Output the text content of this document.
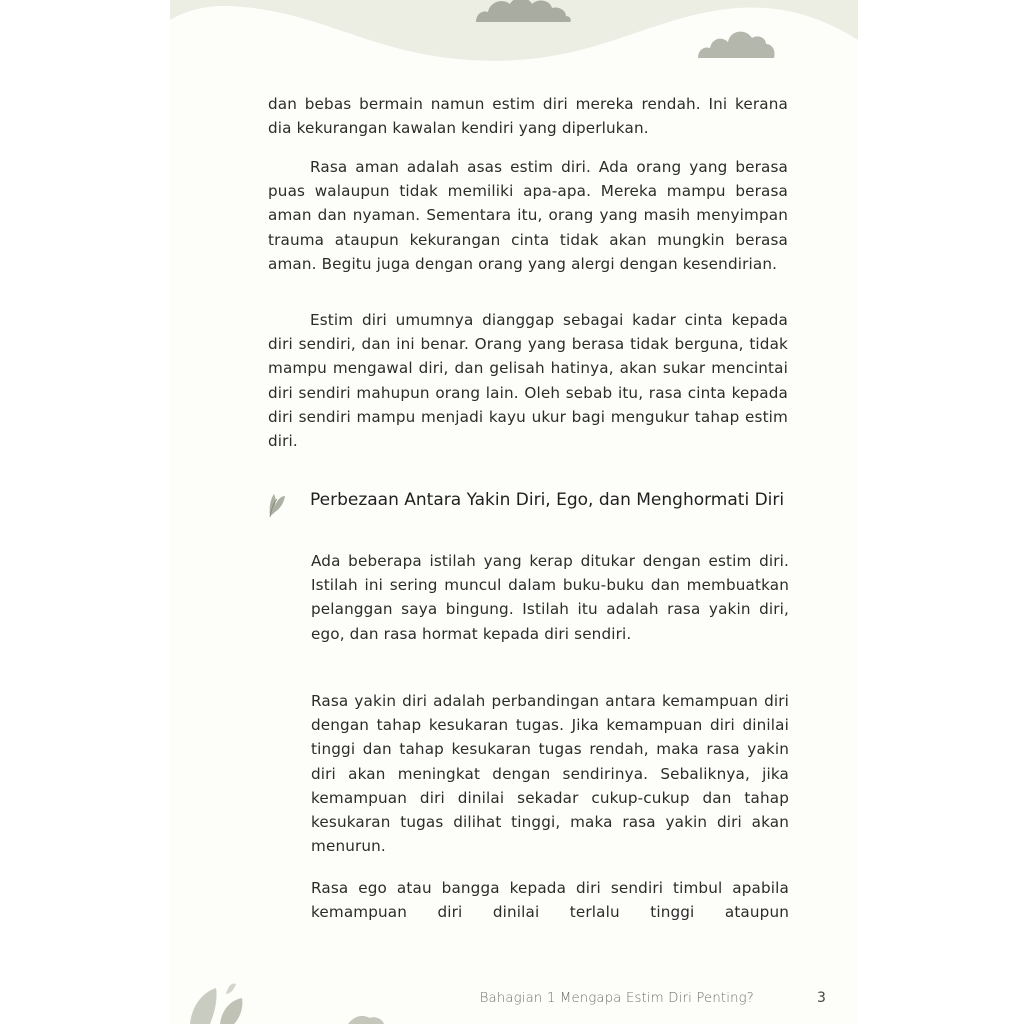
dan bebas bermain namun estim diri mereka rendah. Ini kerana dia kekurangan kawalan kendiri yang diperlukan.

Rasa aman adalah asas estim diri. Ada orang yang berasa puas walaupun tidak memiliki apa-apa. Mereka mampu berasa aman dan nyaman. Sementara itu, orang yang masih menyimpan trauma ataupun kekurangan cinta tidak akan mungkin berasa aman. Begitu juga dengan orang yang alergi dengan kesendirian.

Estim diri umumnya dianggap sebagai kadar cinta kepada diri sendiri, dan ini benar. Orang yang berasa tidak berguna, tidak mampu mengawal diri, dan gelisah hatinya, akan sukar mencintai diri sendiri mahupun orang lain. Oleh sebab itu, rasa cinta kepada diri sendiri mampu menjadi kayu ukur bagi mengukur tahap estim diri.

Perbezaan Antara Yakin Diri, Ego, dan Menghormati Diri

Ada beberapa istilah yang kerap ditukar dengan estim diri. Istilah ini sering muncul dalam buku-buku dan membuatkan pelanggan saya bingung. Istilah itu adalah rasa yakin diri, ego, dan rasa hormat kepada diri sendiri.

Rasa yakin diri adalah perbandingan antara kemampuan diri dengan tahap kesukaran tugas. Jika kemampuan diri dinilai tinggi dan tahap kesukaran tugas rendah, maka rasa yakin diri akan meningkat dengan sendirinya. Sebaliknya, jika kemampuan diri dinilai sekadar cukup-cukup dan tahap kesukaran tugas dilihat tinggi, maka rasa yakin diri akan menurun.

Rasa ego atau bangga kepada diri sendiri timbul apabila kemampuan diri dinilai terlalu tinggi ataupun

Bahagian 1 Mengapa Estim Diri Penting?	3
